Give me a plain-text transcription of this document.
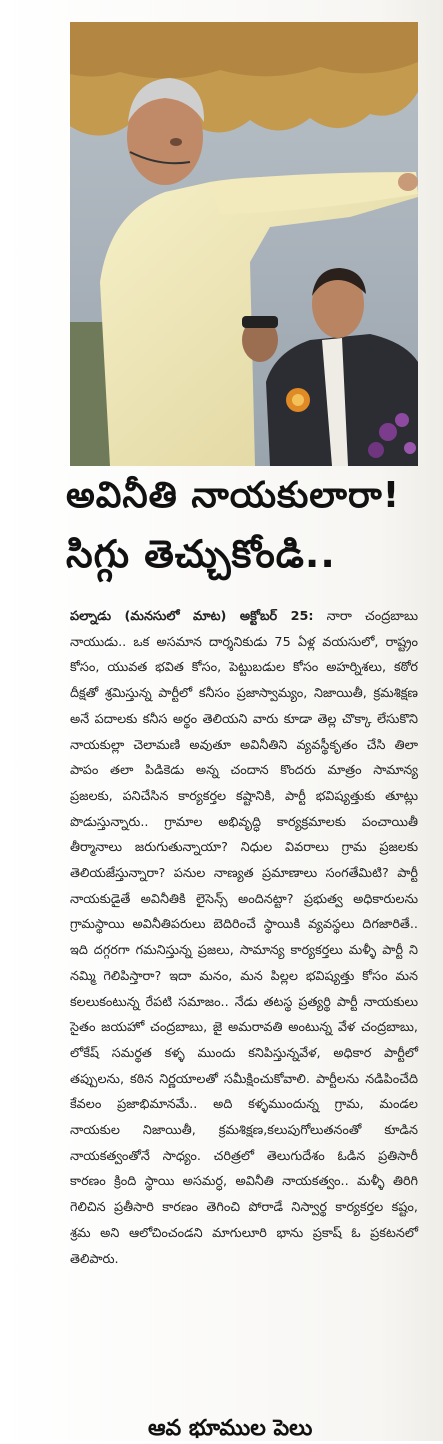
అవినీతి నాయకులారా!
సిగ్గు తెచ్చుకోండి..
పల్నాడు (మనసులో మాట) అక్టోబర్ 25: నారా చంద్రబాబు నాయుడు.. ఒక అసమాన దార్శనికుడు 75 ఏళ్ల వయసులో, రాష్ట్రం కోసం, యువత భవిత కోసం, పెట్టుబడుల కోసం అహర్నిశలు, కఠోర దీక్షతో శ్రమిస్తున్న పార్టీలో కనీసం ప్రజాస్వామ్యం, నిజాయితీ, క్రమశిక్షణ అనే పదాలకు కనీస అర్థం తెలియని వారు కూడా తెల్ల చొక్కా లేసుకొని నాయకుల్లా చెలామణి అవుతూ అవినీతిని వ్యవస్థీకృతం చేసి తిలా పాపం తలా పిడికెడు అన్న చందాన కొందరు మాత్రం సామాన్య ప్రజలకు, పనిచేసిన కార్యకర్తల కష్టానికి, పార్టీ భవిష్యత్తుకు తూట్లు పొడుస్తున్నారు.. గ్రామాల అభివృద్ధి కార్యక్రమాలకు పంచాయితీ తీర్మానాలు జరుగుతున్నాయా? నిధుల వివరాలు గ్రామ ప్రజలకు తెలియజేస్తున్నారా? పనుల నాణ్యత ప్రమాణాలు సంగతేమిటి? పార్టీ నాయకుడైతే అవినీతికి లైసెన్స్ అందినట్టా? ప్రభుత్వ అధికారులను గ్రామస్థాయి అవినీతిపరులు బెదిరించే స్థాయికి వ్యవస్థలు దిగజారితే.. ఇది దగ్గరగా గమనిస్తున్న ప్రజలు, సామాన్య కార్యకర్తలు మళ్ళీ పార్టీ ని నమ్మి గెలిపిస్తారా? ఇదా మనం, మన పిల్లల భవిష్యత్తు కోసం మన కలలుకంటున్న రేపటి సమాజం.. నేడు తటస్థ ప్రత్యర్థి పార్టీ నాయకులు సైతం జయహో చంద్రబాబు, జై అమరావతి అంటున్న వేళ చంద్రబాబు, లోకేష్ సమర్థత కళ్ళ ముందు కనిపిస్తున్నవేళ, అధికార పార్టీలో తప్పులను, కఠిన నిర్ణయాలతో సమీక్షించుకోవాలి. పార్టీలను నడిపించేది కేవలం ప్రజాభిమానమే.. అది కళ్ళముందున్న గ్రామ, మండల నాయకుల నిజాయితీ, క్రమశిక్షణ,కలుపుగోలుతనంతో కూడిన నాయకత్వంతోనే సాధ్యం. చరిత్రలో తెలుగుదేశం ఓడిన ప్రతిసారీ కారణం క్రింది స్థాయి అసమర్ధ, అవినీతి నాయకత్వం.. మళ్ళీ తిరిగి గెలిచిన ప్రతీసారి కారణం తెగించి పోరాడే నిస్వార్థ కార్యకర్తల కష్టం, శ్రమ అని ఆలోచించండని మాగులూరి భాను ప్రకాష్ ఓ ప్రకటనలో తెలిపారు.
ఆవ భూముల పెలు
